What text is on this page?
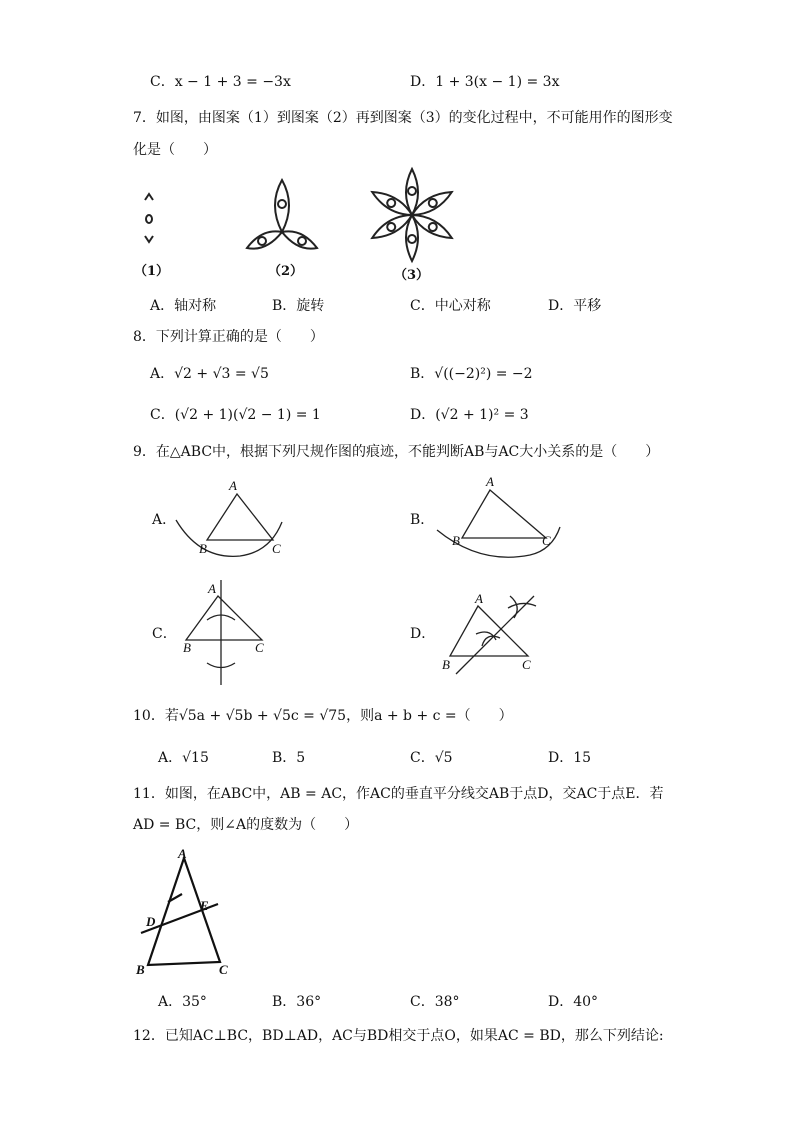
C．x − 1 + 3 = −3x	D．1 + 3(x − 1) = 3x
7．如图，由图案（1）到图案（2）再到图案（3）的变化过程中，不可能用作的图形变
化是（　　）
（1）	（2）	（3）
A．轴对称	B．旋转	C．中心对称	D．平移
8．下列计算正确的是（　　）
A．√2 + √3 = √5	B．√((−2)²) = −2
C．(√2 + 1)(√2 − 1) = 1	D．(√2 + 1)² = 3
9．在△ABC中，根据下列尺规作图的痕迹，不能判断AB与AC大小关系的是（　　）
A．	B．
C．	D．
A
B	C
A
B	C
A
B	C
A
B	C
10．若√5a + √5b + √5c = √75，则a + b + c =（　　）
A．√15	B．5	C．√5	D．15
11．如图，在ABC中，AB = AC，作AC的垂直平分线交AB于点D，交AC于点E．若
AD = BC，则∠A的度数为（　　）
A
B	C
D
E
A．35°	B．36°	C．38°	D．40°
12．已知AC⊥BC，BD⊥AD，AC与BD相交于点O，如果AC = BD，那么下列结论:
